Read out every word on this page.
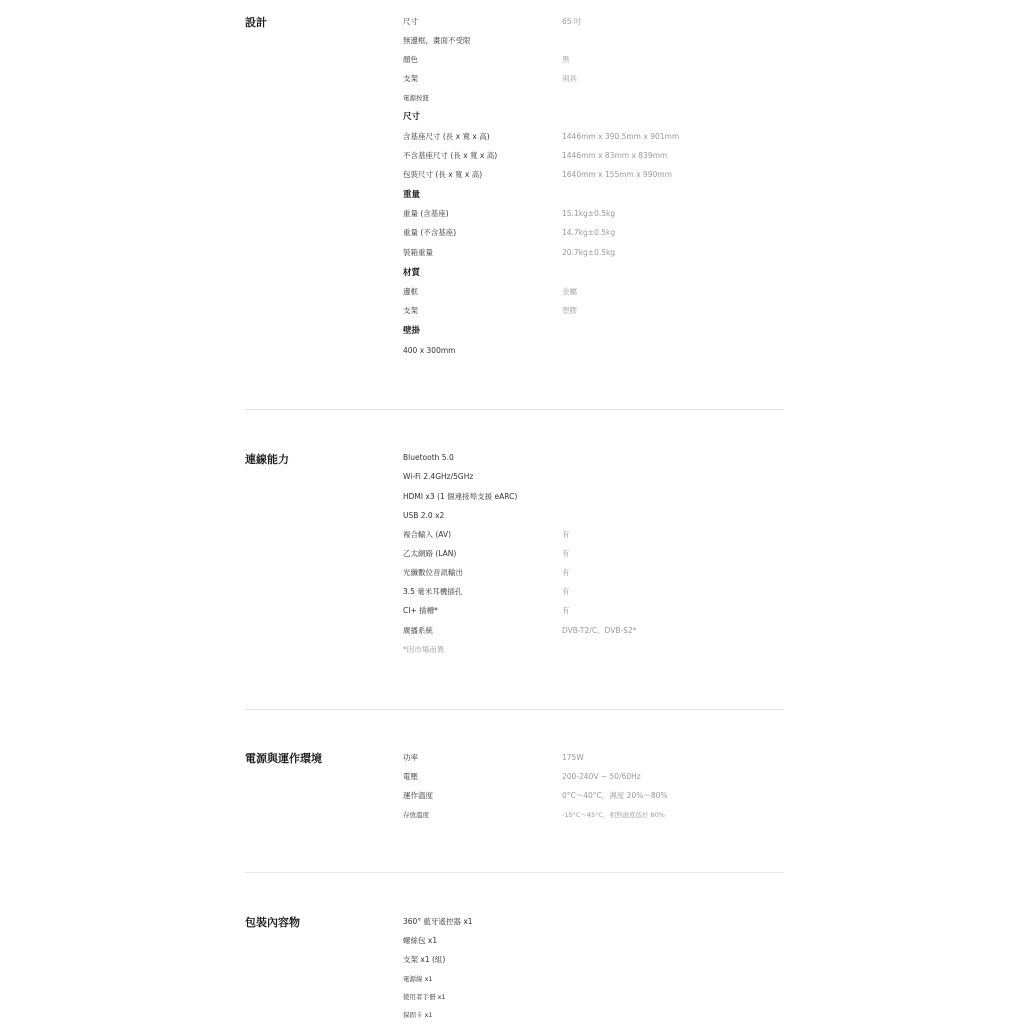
設計	尺寸	65 吋
無邊框，畫面不受限
顏色	黑
支架	兩具
電源按鈕
尺寸
含基座尺寸 (長 x 寬 x 高)	1446mm x 390.5mm x 901mm
不含基座尺寸 (長 x 寬 x 高)	1446mm x 83mm x 839mm
包裝尺寸 (長 x 寬 x 高)	1640mm x 155mm x 990mm
重量
重量 (含基座)	15.1kg±0.5kg
重量 (不含基座)	14.7kg±0.5kg
裝箱重量	20.7kg±0.5kg
材質
邊框	金屬
支架	塑膠
壁掛
400 x 300mm
連線能力	Bluetooth 5.0
Wi-Fi 2.4GHz/5GHz
HDMI x3 (1 個連接埠支援 eARC)
USB 2.0 x2
複合輸入 (AV)	有
乙太網路 (LAN)	有
光纖數位音訊輸出	有
3.5 毫米耳機插孔	有
CI+ 插槽*	有
廣播系統	DVB-T2/C、DVB-S2*
*因市場而異
電源與運作環境	功率	175W
電壓	200-240V ~ 50/60Hz
運作溫度	0°C～40°C，濕度 20%～80%
存放溫度	-15°C～45°C，相對濕度低於 80%
包裝內容物	360° 藍牙遙控器 x1
螺絲包 x1
支架 x1 (組)
電源線 x1
使用者手冊 x1
保固卡 x1
